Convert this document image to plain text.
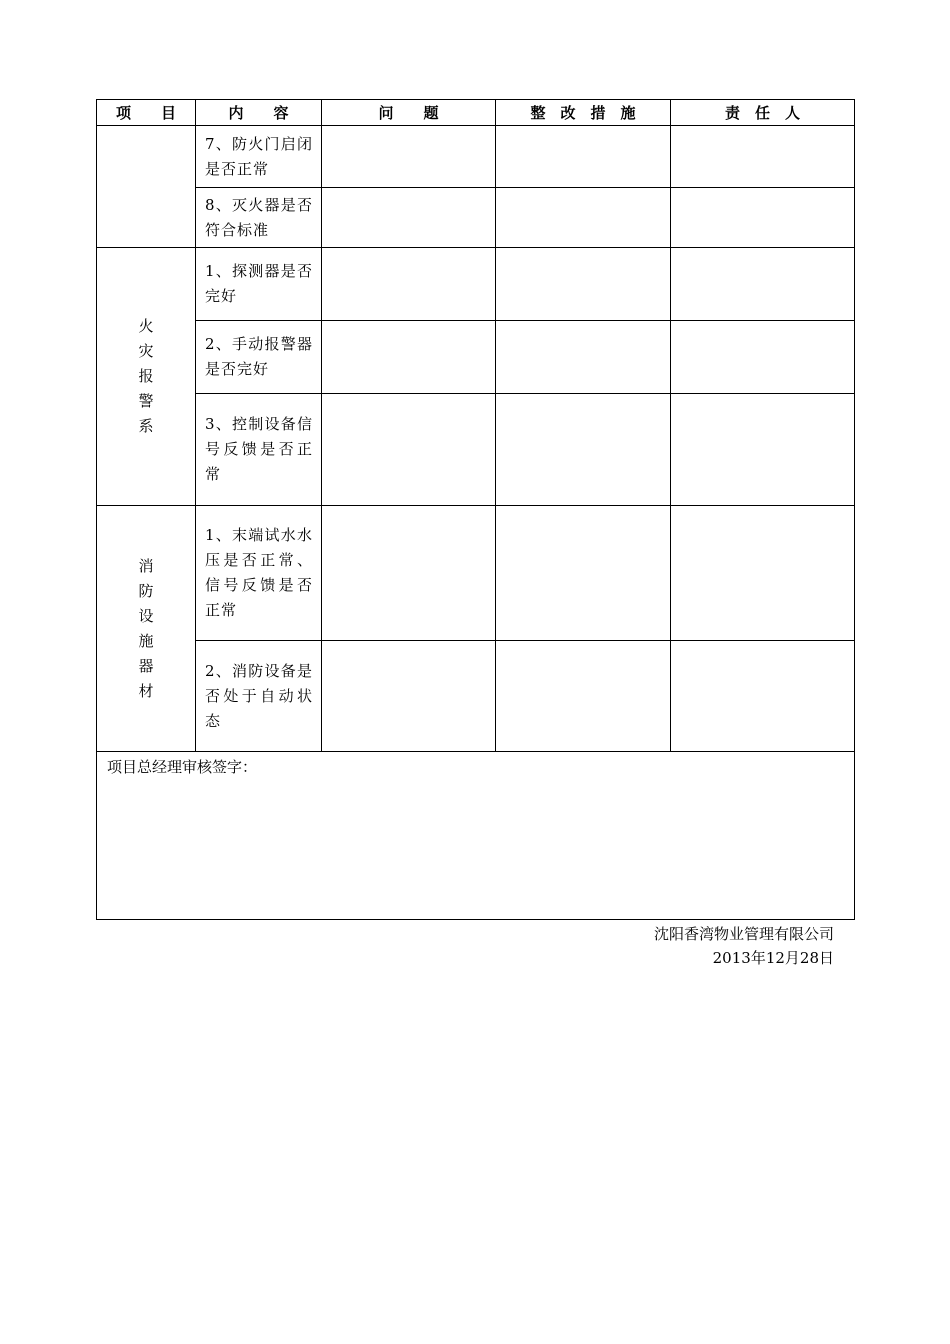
项　　目	内　　容	问　　题	整　改　措　施	责　任　人
	7、防火门启闭是否正常			
	8、灭火器是否符合标准			
火灾报警系	1、探测器是否完好			
	2、手动报警器是否完好			
	3、控制设备信号反馈是否正常			
消防设施器材	1、末端试水水压是否正常、信号反馈是否正常			
	2、消防设备是否处于自动状态			
项目总经理审核签字：				
沈阳香湾物业管理有限公司
2013年12月28日
